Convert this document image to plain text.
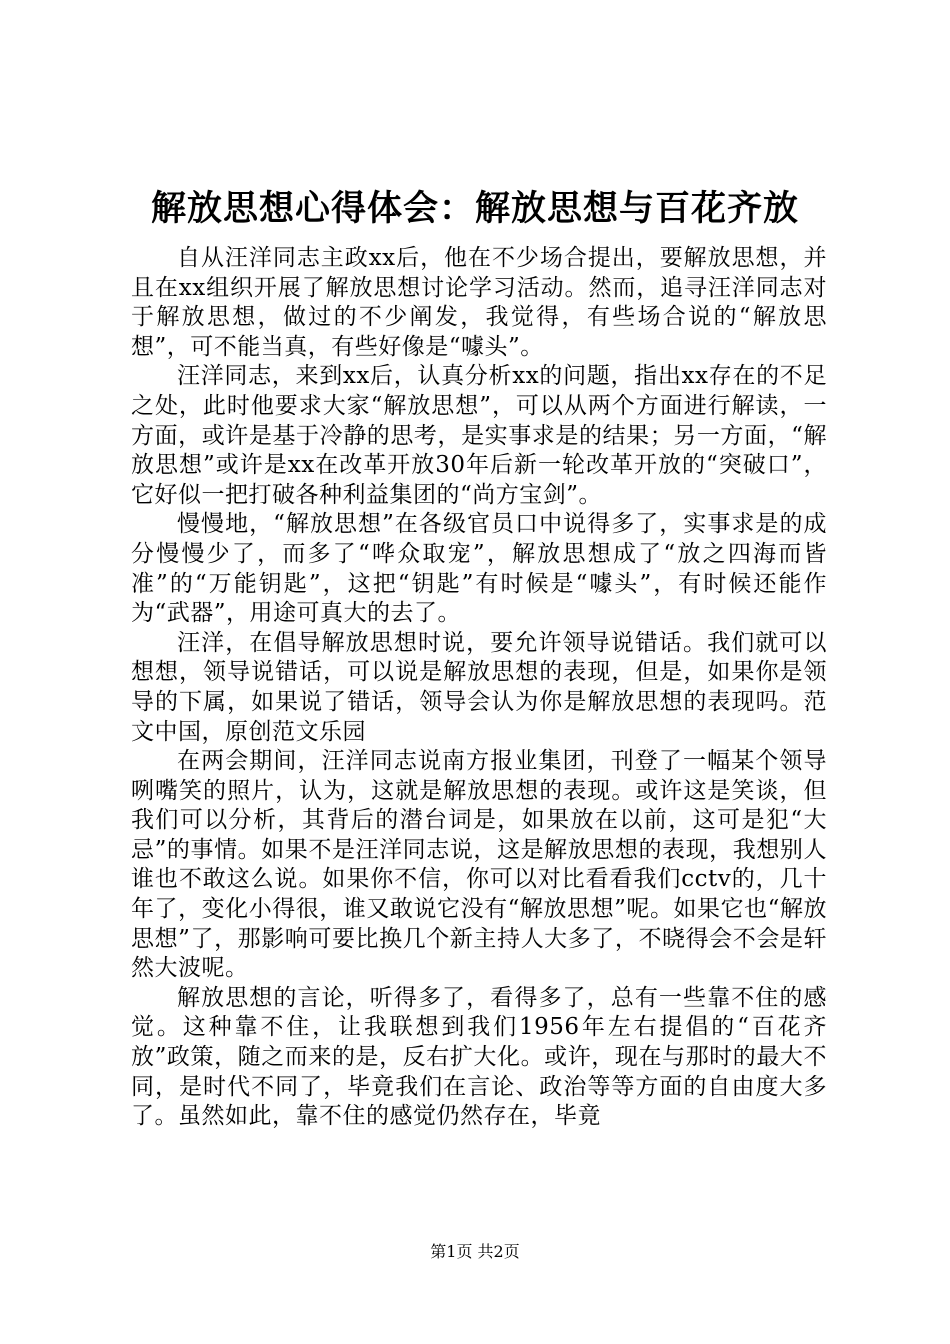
解放思想心得体会：解放思想与百花齐放

自从汪洋同志主政xx后，他在不少场合提出，要解放思想，并且在xx组织开展了解放思想讨论学习活动。然而，追寻汪洋同志对于解放思想，做过的不少阐发，我觉得，有些场合说的“解放思想”，可不能当真，有些好像是“噱头”。

汪洋同志，来到xx后，认真分析xx的问题，指出xx存在的不足之处，此时他要求大家“解放思想”，可以从两个方面进行解读，一方面，或许是基于冷静的思考，是实事求是的结果；另一方面，“解放思想”或许是xx在改革开放30年后新一轮改革开放的“突破口”，它好似一把打破各种利益集团的“尚方宝剑”。

慢慢地，“解放思想”在各级官员口中说得多了，实事求是的成分慢慢少了，而多了“哗众取宠”，解放思想成了“放之四海而皆准”的“万能钥匙”，这把“钥匙”有时候是“噱头”，有时候还能作为“武器”，用途可真大的去了。

汪洋，在倡导解放思想时说，要允许领导说错话。我们就可以想想，领导说错话，可以说是解放思想的表现，但是，如果你是领导的下属，如果说了错话，领导会认为你是解放思想的表现吗。范文中国，原创范文乐园

在两会期间，汪洋同志说南方报业集团，刊登了一幅某个领导咧嘴笑的照片，认为，这就是解放思想的表现。或许这是笑谈，但我们可以分析，其背后的潜台词是，如果放在以前，这可是犯“大忌”的事情。如果不是汪洋同志说，这是解放思想的表现，我想别人谁也不敢这么说。如果你不信，你可以对比看看我们cctv的，几十年了，变化小得很，谁又敢说它没有“解放思想”呢。如果它也“解放思想”了，那影响可要比换几个新主持人大多了，不晓得会不会是轩然大波呢。

解放思想的言论，听得多了，看得多了，总有一些靠不住的感觉。这种靠不住，让我联想到我们1956年左右提倡的“百花齐放”政策，随之而来的是，反右扩大化。或许，现在与那时的最大不同，是时代不同了，毕竟我们在言论、政治等等方面的自由度大多了。虽然如此，靠不住的感觉仍然存在，毕竟

第1页 共2页
